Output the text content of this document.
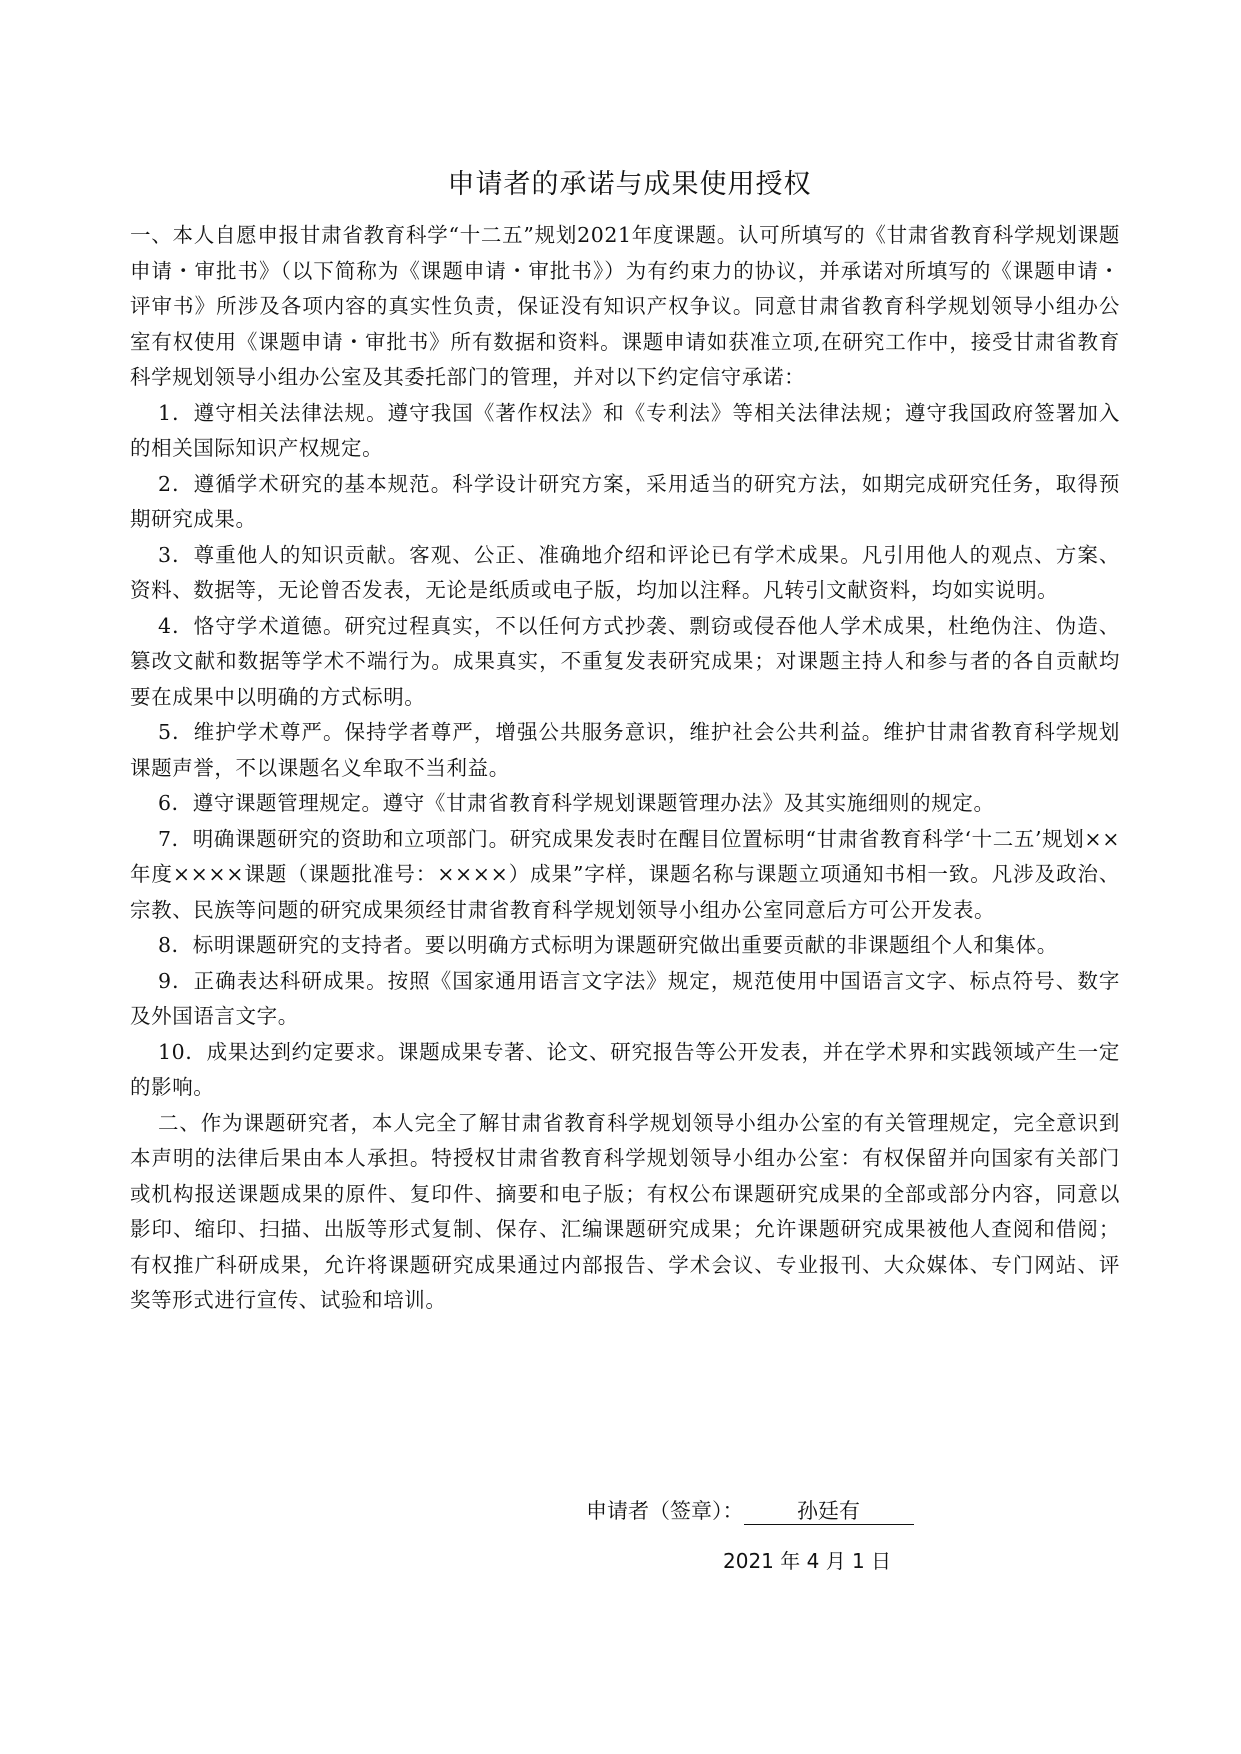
申请者的承诺与成果使用授权

一、本人自愿申报甘肃省教育科学“十二五”规划2021年度课题。认可所填写的《甘肃省教育科学规划课题申请・审批书》（以下简称为《课题申请・审批书》）为有约束力的协议，并承诺对所填写的《课题申请・评审书》所涉及各项内容的真实性负责，保证没有知识产权争议。同意甘肃省教育科学规划领导小组办公室有权使用《课题申请・审批书》所有数据和资料。课题申请如获准立项,在研究工作中，接受甘肃省教育科学规划领导小组办公室及其委托部门的管理，并对以下约定信守承诺：

1．遵守相关法律法规。遵守我国《著作权法》和《专利法》等相关法律法规；遵守我国政府签署加入的相关国际知识产权规定。

2．遵循学术研究的基本规范。科学设计研究方案，采用适当的研究方法，如期完成研究任务，取得预期研究成果。

3．尊重他人的知识贡献。客观、公正、准确地介绍和评论已有学术成果。凡引用他人的观点、方案、资料、数据等，无论曾否发表，无论是纸质或电子版，均加以注释。凡转引文献资料，均如实说明。

4．恪守学术道德。研究过程真实，不以任何方式抄袭、剽窃或侵吞他人学术成果，杜绝伪注、伪造、篡改文献和数据等学术不端行为。成果真实，不重复发表研究成果；对课题主持人和参与者的各自贡献均要在成果中以明确的方式标明。

5．维护学术尊严。保持学者尊严，增强公共服务意识，维护社会公共利益。维护甘肃省教育科学规划课题声誉，不以课题名义牟取不当利益。

6．遵守课题管理规定。遵守《甘肃省教育科学规划课题管理办法》及其实施细则的规定。

7．明确课题研究的资助和立项部门。研究成果发表时在醒目位置标明“甘肃省教育科学‘十二五’规划××年度××××课题（课题批准号：××××）成果”字样，课题名称与课题立项通知书相一致。凡涉及政治、宗教、民族等问题的研究成果须经甘肃省教育科学规划领导小组办公室同意后方可公开发表。

8．标明课题研究的支持者。要以明确方式标明为课题研究做出重要贡献的非课题组个人和集体。

9．正确表达科研成果。按照《国家通用语言文字法》规定，规范使用中国语言文字、标点符号、数字及外国语言文字。

10．成果达到约定要求。课题成果专著、论文、研究报告等公开发表，并在学术界和实践领域产生一定的影响。

二、作为课题研究者，本人完全了解甘肃省教育科学规划领导小组办公室的有关管理规定，完全意识到本声明的法律后果由本人承担。特授权甘肃省教育科学规划领导小组办公室：有权保留并向国家有关部门或机构报送课题成果的原件、复印件、摘要和电子版；有权公布课题研究成果的全部或部分内容，同意以影印、缩印、扫描、出版等形式复制、保存、汇编课题研究成果；允许课题研究成果被他人查阅和借阅；有权推广科研成果，允许将课题研究成果通过内部报告、学术会议、专业报刊、大众媒体、专门网站、评奖等形式进行宣传、试验和培训。

申请者（签章）：	孙廷有
2021 年 4 月 1 日
